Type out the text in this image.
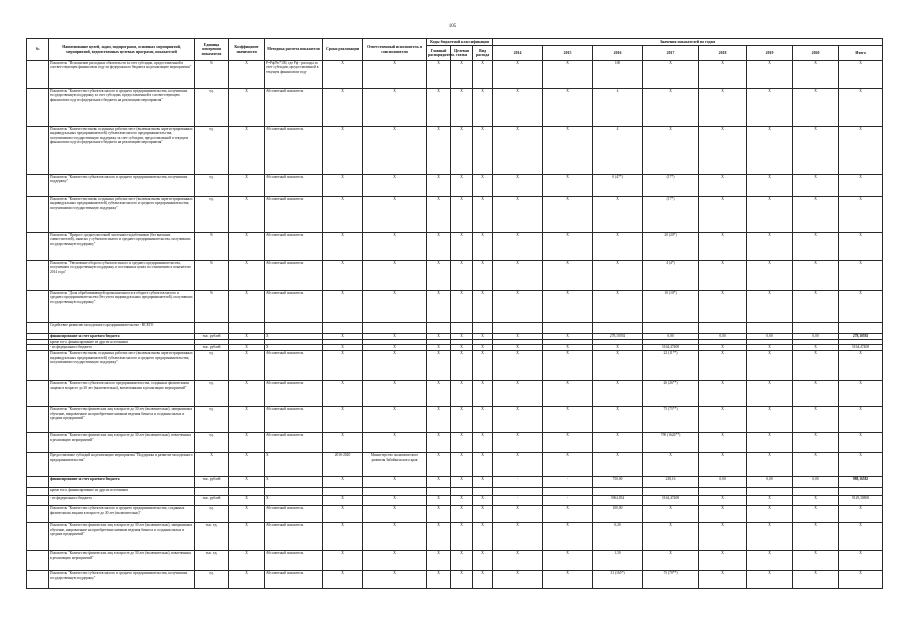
105
№	Наименование целей, задач, подпрограмм, основных мероприятий, мероприятий, ведомственных целевых программ, показателей	Единица измерения показателя	Коэффициент значимости	Методика расчета показателя	Сроки реализации	Ответственный исполнитель и соисполнители	Коды бюджетной классификации			Значения показателей по годам							
							Главный распорядитель	Целевая статья	Вид расхода	2014	2015	2016	2017	2018	2019	2020	Итого
	Показатель "Исполнение расходных обязательств за счет субсидии, предоставленной в соответствующем финансовом году из федерального бюджета на реализацию мероприятия"	%	X	Р=Рф/Рп*100, где Рф - расходы за счет субсидии, предоставленной в текущем финансовом году	X	X	X	X	X	X	X	100	X	X	X	X	X
	Показатель "Количество субъектов малого и среднего предпринимательства, получивших государственную поддержку за счет субсидии, предоставленной в соответствующем финансовом году из федерального бюджета на реализацию мероприятия"	ед.	X	Абсолютный показатель	X	X	X	X	X	X	X	4	X	X	X	X	X
	Показатель "Количество вновь созданных рабочих мест (включая вновь зарегистрированных индивидуальных предпринимателей) субъектами малого предпринимательства, получившими государственную поддержку за счет субсидии, предоставленной в текущем финансовом году из федерального бюджета на реализацию мероприятия"	ед.	X	Абсолютный показатель	X	X	X	X	X	X	X	4	X	X	X	X	X
	Показатель "Количество субъектов малого и среднего предпринимательства, получивших поддержку"	ед.	X	Абсолютный показатель	X	X	X	X	X	X	X	0 (47*)	(17*)	X	X	X	X
	Показатель "Количество вновь созданных рабочих мест (включая вновь зарегистрированных индивидуальных предпринимателей) субъектами малого и среднего предпринимательства, получившими государственную поддержку"	ед.	X	Абсолютный показатель	X	X	X	X	X	X	X	X	(17*)	X	X	X	X
	Показатель "Прирост среднесписочной численности работников (без внешних совместителей), занятых у субъектов малого и среднего предпринимательства, получивших государственную поддержку"	%	X	Абсолютный показатель	X	X	X	X	X	X	X	X	20 (20*)	X	X	X	X
	Показатель "Увеличение оборота субъектов малого и среднего предпринимательства, получивших государственную поддержку, в постоянных ценах по отношению к показателю 2014 года"	%	X	Абсолютный показатель	X	X	X	X	X	X	X	X	4 (4*)	X	X	X	X
	Показатель "Доля обрабатывающей промышленности в обороте субъектов малого и среднего предпринимательства (без учета индивидуальных предпринимателей), получивших государственную поддержку"	%	X	Абсолютный показатель	X	X	X	X	X	X	X	X	10 (10*)	X	X	X	X
	Содействие развитию молодежного предпринимательства - ВСЕГО																
	финансирование за счет краевого бюджета	тыс. рублей	X	X	X	X	X	X	X	X	X	278,10592	0,00	0,00	0,00	0,00	278,10592
	кроме того, финансирование из других источников																
	- из федерального бюджета	тыс. рублей	X	X	X	X	X	X	X	X	X	X	5164,47408	X	X	X	5164,47408
	Показатель "Количество вновь созданных рабочих мест (включая вновь зарегистрированных индивидуальных предпринимателей) субъектами малого и среднего предпринимательства, получившими государственную поддержку"	ед.	X	Абсолютный показатель	X	X	X	X	X	X	X	X	22 (11**)	X	X	X	X
	Показатель "Количество субъектов малого предпринимательства, созданных физическими лицами в возрасте до 30 лет (включительно), вовлеченными в реализацию мероприятий"	ед.	X	Абсолютный показатель	X	X	X	X	X	X	X	X	26 (26**)	X	X	X	X
	Показатель "Количество физических лиц в возрасте до 30 лет (включительно), завершивших обучение, направленное на приобретение навыков ведения бизнеса и создания малых и средних предприятий"	ед.	X	Абсолютный показатель	X	X	X	X	X	X	X	X	75 (75**)	X	X	X	X
	Показатель "Количество физических лиц в возрасте до 30 лет (включительно), вовлеченных в реализацию мероприятий"	ед.	X	Абсолютный показатель	X	X	X	X	X	X	X	X	790 (1626**)	X	X	X	X
	Предоставление субсидий на реализацию мероприятия "Поддержка и развитие молодежного предпринимательства"	X	X	X	2016-2020	Министерство экономического развития Забайкальского края	X	X	X	X	X	X	X	X	X	X	X
	финансирование за счет краевого бюджета	тыс. рублей	X	X	X	X	X	X	X	-	-	750,00	238,16	0,00	0,00	0,00	988,16582
	кроме того, финансирование из других источников																
	- из федерального бюджета	тыс. рублей	X	X	X	X	X	X	X	-	-	3964,834	5164,47408	X	X	X	9129,30808
	Показатель "Количество субъектов малого и среднего предпринимательства, созданных физическими лицами в возрасте до 30 лет (включительно)"	ед.	X	Абсолютный показатель	X	X	X	X	X	X	X	100,00	X	X	X	X	X
	Показатель "Количество физических лиц в возрасте до 30 лет (включительно), завершивших обучение, направленное на приобретение навыков ведения бизнеса и создания малых и средних предприятий"	тыс. ед.	X	Абсолютный показатель	X	X	X	X	X	X	X	0,20	X	X	X	X	X
	Показатель "Количество физических лиц в возрасте до 30 лет (включительно), вовлеченных в реализацию мероприятий"	тыс. ед.	X	Абсолютный показатель	X	X	X	X	X	X	X	1,50	X	X	X	X	X
	Показатель "Количество субъектов малого и среднего предпринимательства, получивших государственную поддержку"	ед.	X	Абсолютный показатель	X	X	X	X	X	X	X	31 (165*)	75 (70**)	X	X	X	X
